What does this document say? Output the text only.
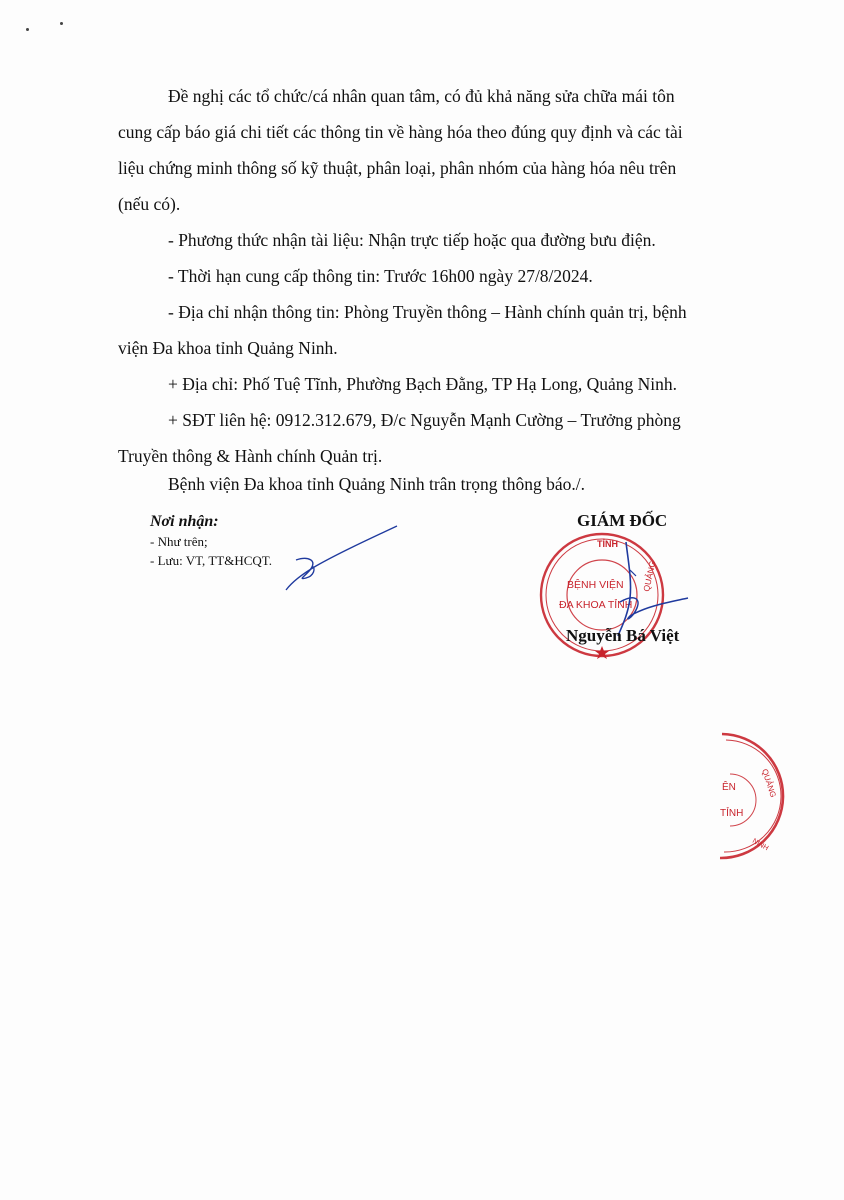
Đề nghị các tổ chức/cá nhân quan tâm, có đủ khả năng sửa chữa mái tôn
cung cấp báo giá chi tiết các thông tin về hàng hóa theo đúng quy định và các tài
liệu chứng minh thông số kỹ thuật, phân loại, phân nhóm của hàng hóa nêu trên
(nếu có).
- Phương thức nhận tài liệu: Nhận trực tiếp hoặc qua đường bưu điện.
- Thời hạn cung cấp thông tin: Trước 16h00 ngày 27/8/2024.
- Địa chỉ nhận thông tin: Phòng Truyền thông – Hành chính quản trị, bệnh
viện Đa khoa tỉnh Quảng Ninh.
+ Địa chỉ: Phố Tuệ Tĩnh, Phường Bạch Đằng, TP Hạ Long, Quảng Ninh.
+ SĐT liên hệ: 0912.312.679, Đ/c Nguyễn Mạnh Cường – Trưởng phòng
Truyền thông & Hành chính Quản trị.
Bệnh viện Đa khoa tỉnh Quảng Ninh trân trọng thông báo./.
Nơi nhận:
- Như trên;
- Lưu: VT, TT&HCQT.
GIÁM ĐỐC
TỈNH
QUẢNG
BỆNH VIỆN
ĐA KHOA TỈNH
Nguyễn Bá Việt
ÊN
TỈNH
QUẢNG
NINH
